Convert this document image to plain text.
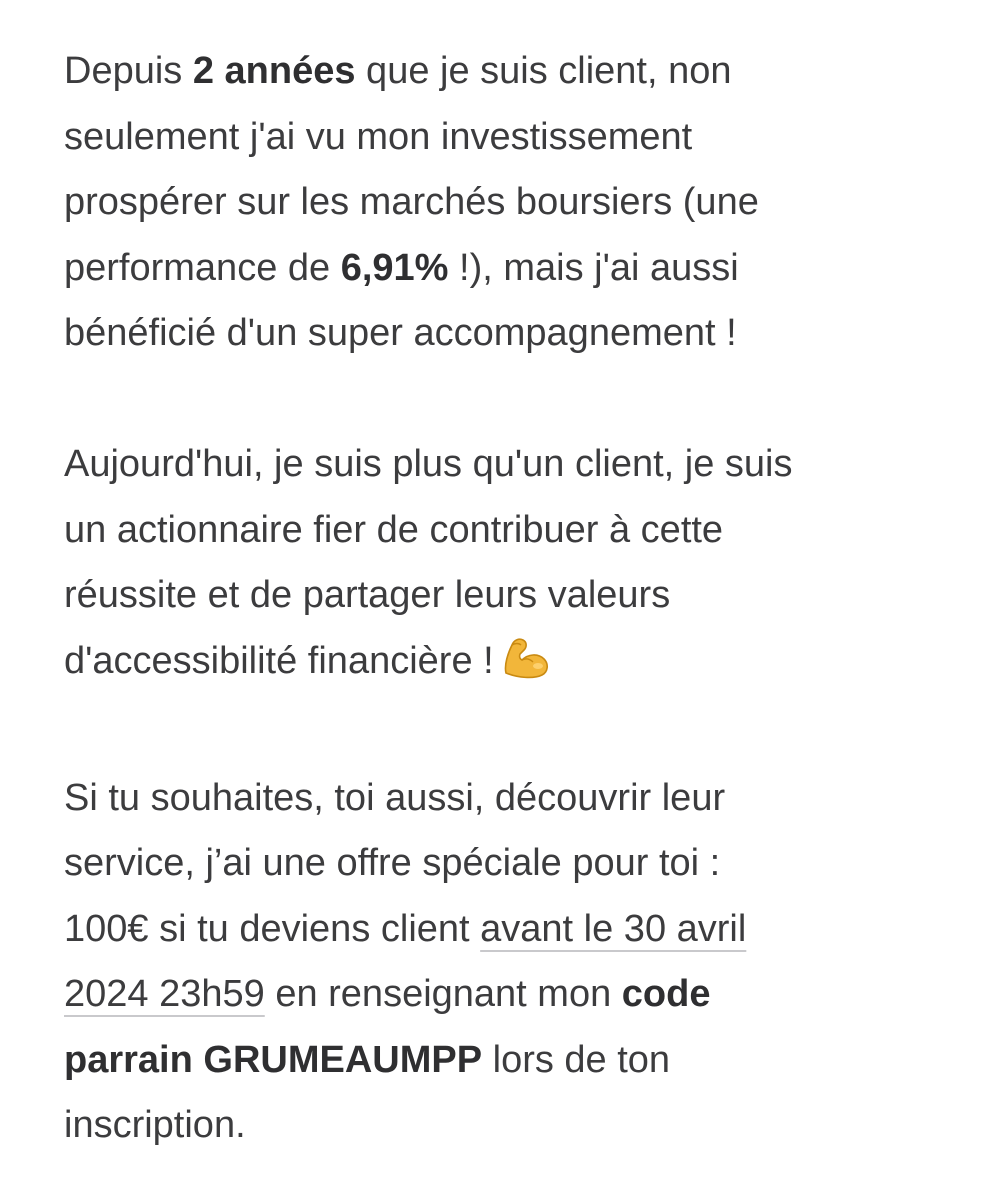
Depuis 2 années que je suis client, non
seulement j'ai vu mon investissement
prospérer sur les marchés boursiers (une
performance de 6,91% !), mais j'ai aussi
bénéficié d'un super accompagnement !

Aujourd'hui, je suis plus qu'un client, je suis
un actionnaire fier de contribuer à cette
réussite et de partager leurs valeurs
d'accessibilité financière !

Si tu souhaites, toi aussi, découvrir leur
service, j’ai une offre spéciale pour toi :
100€ si tu deviens client avant le 30 avril
2024 23h59 en renseignant mon code
parrain GRUMEAUMPP lors de ton
inscription.
